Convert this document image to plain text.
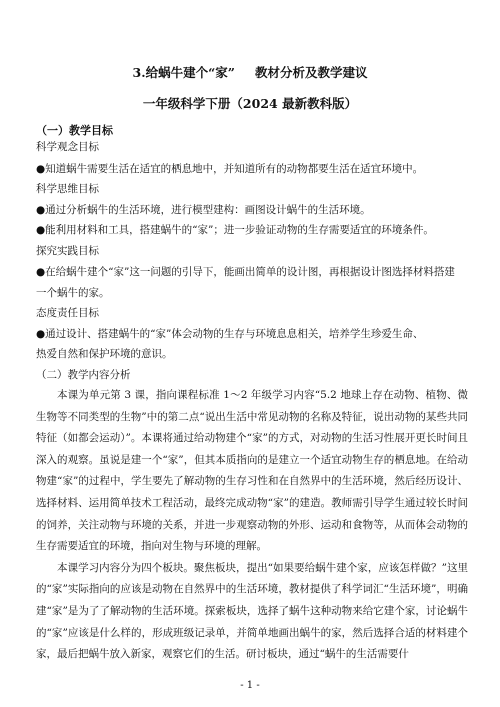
3.给蜗牛建个“家” 教材分析及教学建议
一年级科学下册（2024 最新教科版）
（一）教学目标
科学观念目标
●知道蜗牛需要生活在适宜的栖息地中，并知道所有的动物都要生活在适宜环境中。
科学思维目标
●通过分析蜗牛的生活环境，进行模型建构：画图设计蜗牛的生活环境。
●能利用材料和工具，搭建蜗牛的“家”；进一步验证动物的生存需要适宜的环境条件。
探究实践目标
●在给蜗牛建个“家”这一问题的引导下，能画出简单的设计图，再根据设计图选择材料搭建
一个蜗牛的家。
态度责任目标
●通过设计、搭建蜗牛的“家”体会动物的生存与环境息息相关，培养学生珍爱生命、
热爱自然和保护环境的意识。
（二）教学内容分析

本课为单元第 3 课，指向课程标准 1～2 年级学习内容“5.2 地球上存在动物、植物、微生物等不同类型的生物”中的第二点“说出生活中常见动物的名称及特征，说出动物的某些共同特征（如都会运动）”。本课将通过给动物建个“家”的方式，对动物的生活习性展开更长时间且深入的观察。虽说是建一个“家”，但其本质指向的是建立一个适宜动物生存的栖息地。在给动物建“家”的过程中，学生要先了解动物的生存习性和在自然界中的生活环境，然后经历设计、选择材料、运用简单技术工程活动，最终完成动物“家”的建造。教师需引导学生通过较长时间的饲养，关注动物与环境的关系，并进一步观察动物的外形、运动和食物等，从而体会动物的生存需要适宜的环境，指向对生物与环境的理解。

本课学习内容分为四个板块。聚焦板块，提出“如果要给蜗牛建个家，应该怎样做？”这里的“家”实际指向的应该是动物在自然界中的生活环境，教材提供了科学词汇“生活环境”，明确建“家”是为了了解动物的生活环境。探索板块，选择了蜗牛这种动物来给它建个家，讨论蜗牛的“家”应该是什么样的，形成班级记录单，并简单地画出蜗牛的家，然后选择合适的材料建个家，最后把蜗牛放入新家，观察它们的生活。研讨板块，通过“蜗牛的生活需要什

- 1 -
